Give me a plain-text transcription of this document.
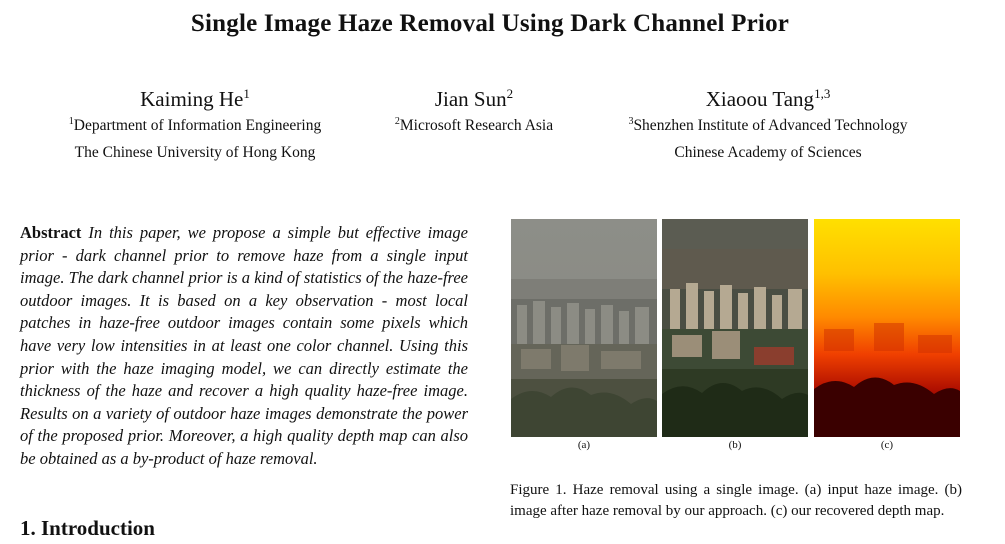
Single Image Haze Removal Using Dark Channel Prior
Kaiming He$^1$
$^1$Department of Information Engineering
The Chinese University of Hong Kong
Jian Sun$^2$
$^2$Microsoft Research Asia
Xiaoou Tang$^{1,3}$
$^3$Shenzhen Institute of Advanced Technology
Chinese Academy of Sciences
Abstract In this paper, we propose a simple but effective image prior - dark channel prior to remove haze from a single input image. The dark channel prior is a kind of statistics of the haze-free outdoor images. It is based on a key observation - most local patches in haze-free outdoor images contain some pixels which have very low intensities in at least one color channel. Using this prior with the haze imaging model, we can directly estimate the thickness of the haze and recover a high quality haze-free image. Results on a variety of outdoor haze images demonstrate the power of the proposed prior. Moreover, a high quality depth map can also be obtained as a by-product of haze removal.
1. Introduction
(a)	(b)	(c)
Figure 1. Haze removal using a single image. (a) input haze image. (b) image after haze removal by our approach. (c) our recovered depth map.
